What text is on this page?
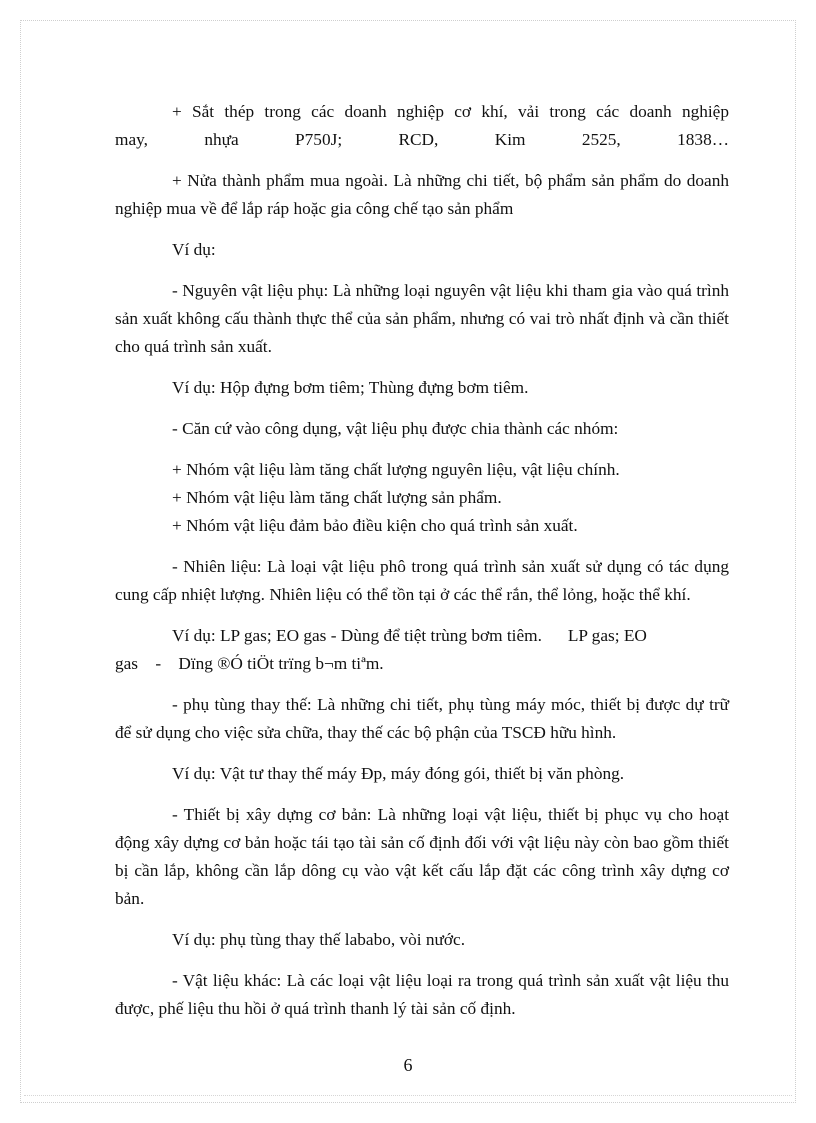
+ Sắt thép trong các doanh nghiệp cơ khí, vải trong các doanh nghiệp

may, nhựa P750J; RCD, Kim 2525, 1838…

+ Nửa thành phẩm mua ngoài. Là những chi tiết, bộ phẩm sản phẩm do doanh nghiệp mua về để lắp ráp hoặc gia công chế tạo sản phẩm

Ví dụ:

- Nguyên vật liệu phụ: Là những loại nguyên vật liệu khi tham gia vào quá trình sản xuất không cấu thành thực thể của sản phẩm, nhưng có vai trò nhất định và cần thiết cho quá trình sản xuất.

Ví dụ: Hộp đựng bơm tiêm; Thùng đựng bơm tiêm.

- Căn cứ vào công dụng, vật liệu phụ được chia thành các nhóm:

+ Nhóm vật liệu làm tăng chất lượng nguyên liệu, vật liệu chính.

+ Nhóm vật liệu làm tăng chất lượng sản phẩm.

+ Nhóm vật liệu đảm bảo điều kiện cho quá trình sản xuất.

- Nhiên liệu: Là loại vật liệu phô trong quá trình sản xuất sử dụng có tác dụng cung cấp nhiệt lượng. Nhiên liệu có thể tồn tại ở các thể rắn, thể lỏng, hoặc thể khí.

Ví dụ: LP gas; EO gas - Dùng để tiệt trùng bơm tiêm.      LP gas; EO

gas    -    Dïng ®Ó tiÖt trïng b¬m tiªm.

- phụ tùng thay thế: Là những chi tiết, phụ tùng máy móc, thiết bị được dự trữ để sử dụng cho việc sửa chữa, thay thế các bộ phận của TSCĐ hữu hình.

Ví dụ: Vật tư thay thế máy Đp, máy đóng gói, thiết bị văn phòng.

- Thiết bị xây dựng cơ bản: Là những loại vật liệu, thiết bị phục vụ cho hoạt động xây dựng cơ bản hoặc tái tạo tài sản cố định đối với vật liệu này còn bao gồm thiết bị cần lắp, không cần lắp dông cụ vào vật kết cấu lắp đặt các công trình xây dựng cơ bản.

Ví dụ: phụ tùng thay thế lababo, vòi nước.

- Vật liệu khác: Là các loại vật liệu loại ra trong quá trình sản xuất vật liệu thu được, phế liệu thu hồi ở quá trình thanh lý tài sản cố định.

6
